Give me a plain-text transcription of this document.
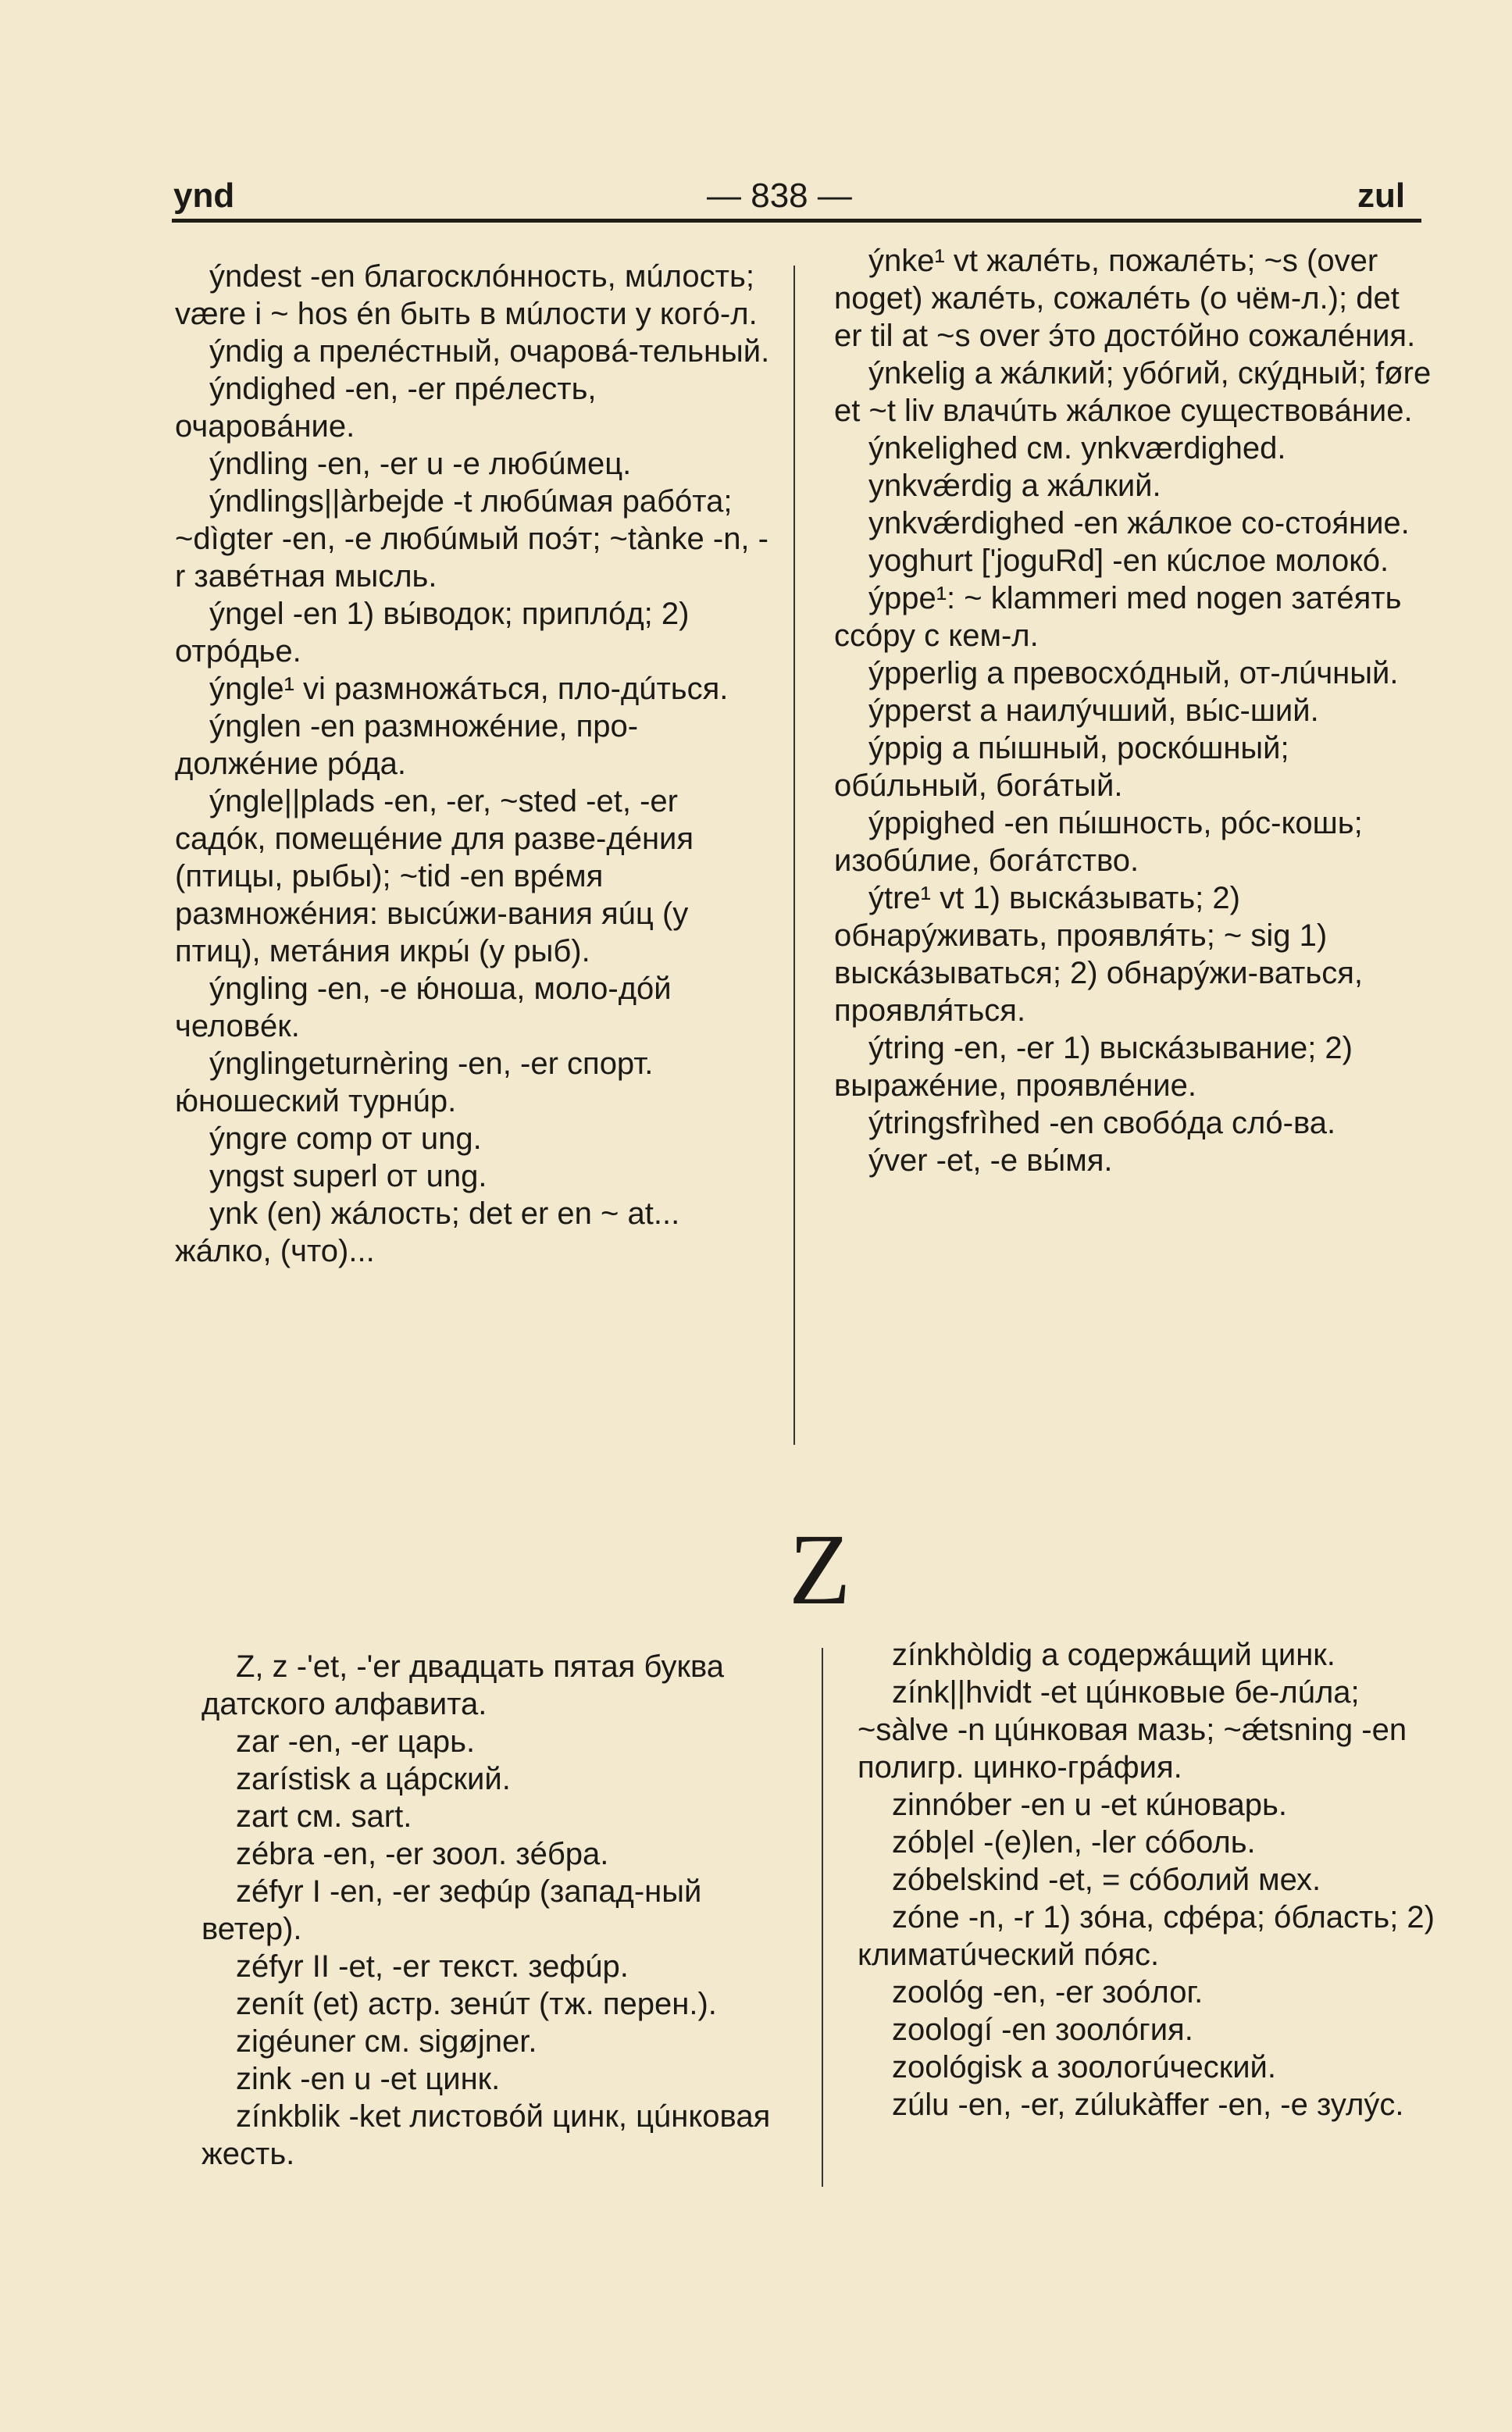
ynd	— 838 —	zul

ýndest -en благосклóнность, мúлость; være i ~ hos én быть в мúлости у когó-л.

ýndig a прелéстный, очаровá-тельный.

ýndighed -en, -er прéлесть, очаровáние.

ýndling -en, -er u -e любúмец.

ýndlings||àrbejde -t любúмая рабóта; ~dìgter -en, -e любúмый поэ́т; ~tànke -n, -r завéтная мысль.

ýngel -en 1) вы́водок; приплóд; 2) отрóдье.

ýngle¹ vi размножáться, пло-дúться.

ýnglen -en размножéние, про-должéние рóда.

ýngle||plads -en, -er, ~sted -et, -er садóк, помещéние для разве-дéния (птицы, рыбы); ~tid -en врéмя размножéния: высúжи-вания яúц (у птиц), метáния икры́ (у рыб).

ýngling -en, -e ю́ноша, моло-дóй человéк.

ýnglingeturnèring -en, -er спорт. ю́ношеский турнúр.

ýngre comp от ung.

yngst superl от ung.

ynk (en) жáлость; det er en ~ at... жáлко, (что)...

ýnke¹ vt жалéть, пожалéть; ~s (over noget) жалéть, сожалéть (о чём-л.); det er til at ~s over э́то достóйно сожалéния.

ýnkelig a жáлкий; убóгий, скýдный; føre et ~t liv влачúть жáлкое существовáние.

ýnkelighed см. ynkværdighed.

ynkvǽrdig a жáлкий.

ynkvǽrdighed -en жáлкое со-стоя́ние.

yoghurt ['joguRd] -en кúслое молокó.

ýppe¹: ~ klammeri med nogen затéять ссóру с кем-л.

ýpperlig a превосхóдный, от-лúчный.

ýpperst a наилýчший, вы́с-ший.

ýppig a пы́шный, роскóшный; обúльный, богáтый.

ýppighed -en пы́шность, рóс-кошь; изобúлие, богáтство.

ýtre¹ vt 1) выскáзывать; 2) обнарýживать, проявля́ть; ~ sig 1) выскáзываться; 2) обнарýжи-ваться, проявля́ться.

ýtring -en, -er 1) выскáзывание; 2) выражéние, проявлéние.

ýtringsfrìhed -en свобóда слó-ва.

ýver -et, -e вы́мя.

Z

Z, z -'et, -'er двадцать пятая буква датского алфавита.

zar -en, -er царь.

zarístisk a цáрский.

zart см. sart.

zébra -en, -er зоол. зéбра.

zéfyr I -en, -er зефúр (запад-ный ветер).

zéfyr II -et, -er текст. зефúр.

zenít (et) астр. зенúт (тж. перен.).

zigéuner см. sigøjner.

zink -en u -et цинк.

zínkblik -ket листовóй цинк, цúнковая жесть.

zínkhòldig a содержáщий цинк.

zínk||hvidt -et цúнковые бе-лúла; ~sàlve -n цúнковая мазь; ~ǽtsning -en полигр. цинко-грáфия.

zinnóber -en u -et кúноварь.

zób|el -(e)len, -ler сóболь.

zóbelskind -et, = сóболий мех.

zóne -n, -r 1) зóна, сфéра; óбласть; 2) климатúческий пóяс.

zoológ -en, -er зоóлог.

zoologí -en зоолóгия.

zoológisk a зоологúческий.

zúlu -en, -er, zúlukàffer -en, -e зулýс.
